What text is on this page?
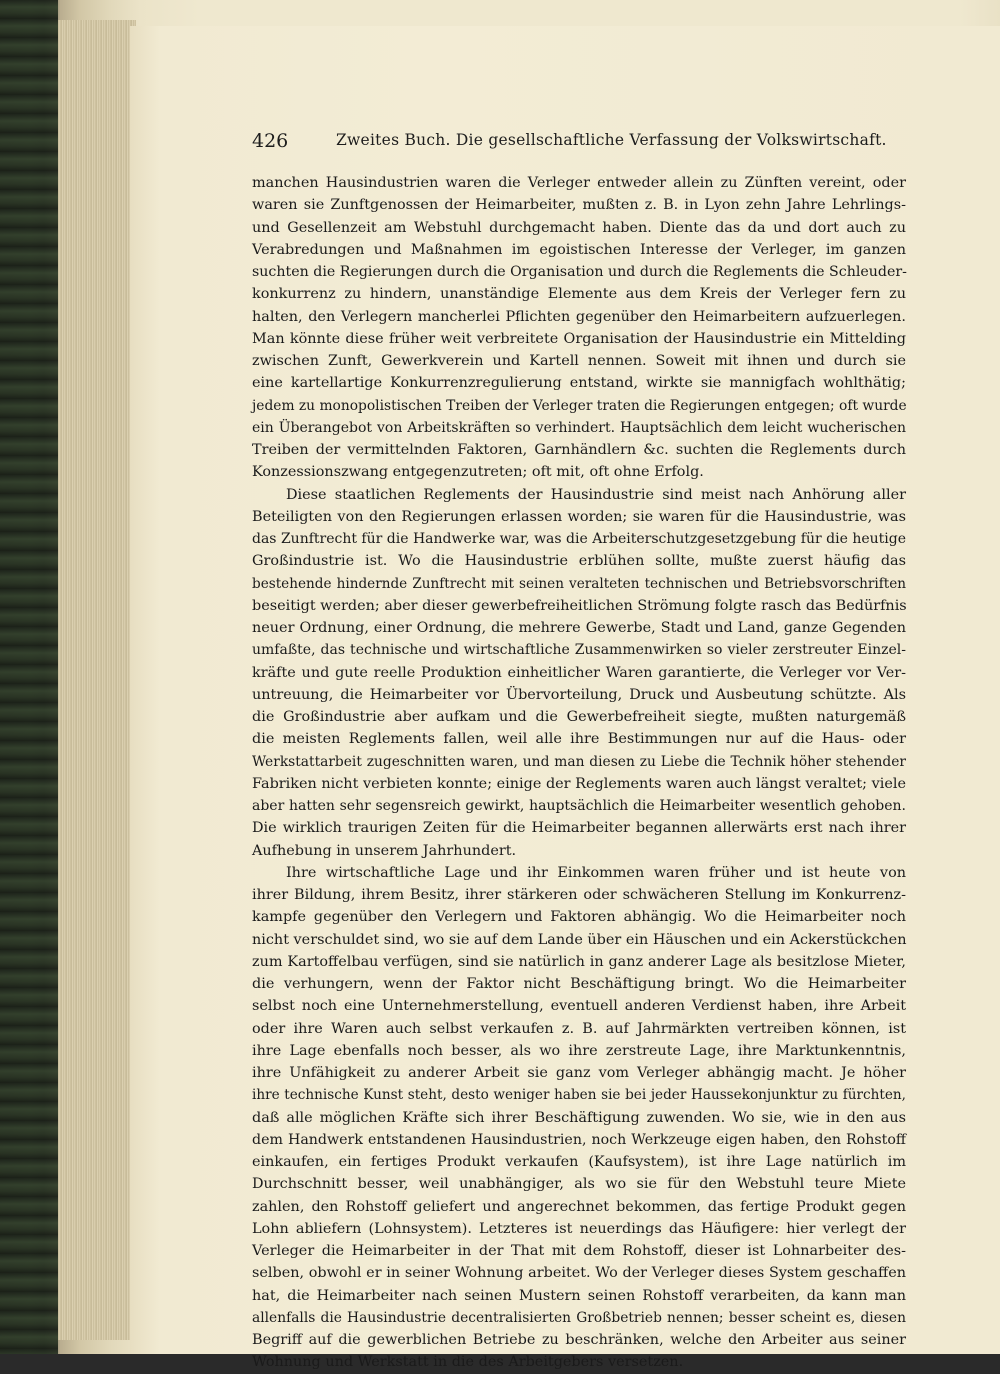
426	Zweites Buch. Die gesellschaftliche Verfassung der Volkswirtschaft.
manchen Hausindustrien waren die Verleger entweder allein zu Zünften vereint, oder
waren sie Zunftgenossen der Heimarbeiter, mußten z. B. in Lyon zehn Jahre Lehrlings-
und Gesellenzeit am Webstuhl durchgemacht haben. Diente das da und dort auch zu
Verabredungen und Maßnahmen im egoistischen Interesse der Verleger, im ganzen
suchten die Regierungen durch die Organisation und durch die Reglements die Schleuder-
konkurrenz zu hindern, unanständige Elemente aus dem Kreis der Verleger fern zu
halten, den Verlegern mancherlei Pflichten gegenüber den Heimarbeitern aufzuerlegen.
Man könnte diese früher weit verbreitete Organisation der Hausindustrie ein Mittelding
zwischen Zunft, Gewerkverein und Kartell nennen. Soweit mit ihnen und durch sie
eine kartellartige Konkurrenzregulierung entstand, wirkte sie mannigfach wohlthätig;
jedem zu monopolistischen Treiben der Verleger traten die Regierungen entgegen; oft wurde
ein Überangebot von Arbeitskräften so verhindert. Hauptsächlich dem leicht wucherischen
Treiben der vermittelnden Faktoren, Garnhändlern &c. suchten die Reglements durch
Konzessionszwang entgegenzutreten; oft mit, oft ohne Erfolg.
Diese staatlichen Reglements der Hausindustrie sind meist nach Anhörung aller
Beteiligten von den Regierungen erlassen worden; sie waren für die Hausindustrie, was
das Zunftrecht für die Handwerke war, was die Arbeiterschutzgesetzgebung für die heutige
Großindustrie ist. Wo die Hausindustrie erblühen sollte, mußte zuerst häufig das
bestehende hindernde Zunftrecht mit seinen veralteten technischen und Betriebsvorschriften
beseitigt werden; aber dieser gewerbefreiheitlichen Strömung folgte rasch das Bedürfnis
neuer Ordnung, einer Ordnung, die mehrere Gewerbe, Stadt und Land, ganze Gegenden
umfaßte, das technische und wirtschaftliche Zusammenwirken so vieler zerstreuter Einzel-
kräfte und gute reelle Produktion einheitlicher Waren garantierte, die Verleger vor Ver-
untreuung, die Heimarbeiter vor Übervorteilung, Druck und Ausbeutung schützte. Als
die Großindustrie aber aufkam und die Gewerbefreiheit siegte, mußten naturgemäß
die meisten Reglements fallen, weil alle ihre Bestimmungen nur auf die Haus- oder
Werkstattarbeit zugeschnitten waren, und man diesen zu Liebe die Technik höher stehender
Fabriken nicht verbieten konnte; einige der Reglements waren auch längst veraltet; viele
aber hatten sehr segensreich gewirkt, hauptsächlich die Heimarbeiter wesentlich gehoben.
Die wirklich traurigen Zeiten für die Heimarbeiter begannen allerwärts erst nach ihrer
Aufhebung in unserem Jahrhundert.
Ihre wirtschaftliche Lage und ihr Einkommen waren früher und ist heute von
ihrer Bildung, ihrem Besitz, ihrer stärkeren oder schwächeren Stellung im Konkurrenz-
kampfe gegenüber den Verlegern und Faktoren abhängig. Wo die Heimarbeiter noch
nicht verschuldet sind, wo sie auf dem Lande über ein Häuschen und ein Ackerstückchen
zum Kartoffelbau verfügen, sind sie natürlich in ganz anderer Lage als besitzlose Mieter,
die verhungern, wenn der Faktor nicht Beschäftigung bringt. Wo die Heimarbeiter
selbst noch eine Unternehmerstellung, eventuell anderen Verdienst haben, ihre Arbeit
oder ihre Waren auch selbst verkaufen z. B. auf Jahrmärkten vertreiben können, ist
ihre Lage ebenfalls noch besser, als wo ihre zerstreute Lage, ihre Marktunkenntnis,
ihre Unfähigkeit zu anderer Arbeit sie ganz vom Verleger abhängig macht. Je höher
ihre technische Kunst steht, desto weniger haben sie bei jeder Haussekonjunktur zu fürchten,
daß alle möglichen Kräfte sich ihrer Beschäftigung zuwenden. Wo sie, wie in den aus
dem Handwerk entstandenen Hausindustrien, noch Werkzeuge eigen haben, den Rohstoff
einkaufen, ein fertiges Produkt verkaufen (Kaufsystem), ist ihre Lage natürlich im
Durchschnitt besser, weil unabhängiger, als wo sie für den Webstuhl teure Miete
zahlen, den Rohstoff geliefert und angerechnet bekommen, das fertige Produkt gegen
Lohn abliefern (Lohnsystem). Letzteres ist neuerdings das Häufigere: hier verlegt der
Verleger die Heimarbeiter in der That mit dem Rohstoff, dieser ist Lohnarbeiter des-
selben, obwohl er in seiner Wohnung arbeitet. Wo der Verleger dieses System geschaffen
hat, die Heimarbeiter nach seinen Mustern seinen Rohstoff verarbeiten, da kann man
allenfalls die Hausindustrie decentralisierten Großbetrieb nennen; besser scheint es, diesen
Begriff auf die gewerblichen Betriebe zu beschränken, welche den Arbeiter aus seiner
Wohnung und Werkstatt in die des Arbeitgebers versetzen.
